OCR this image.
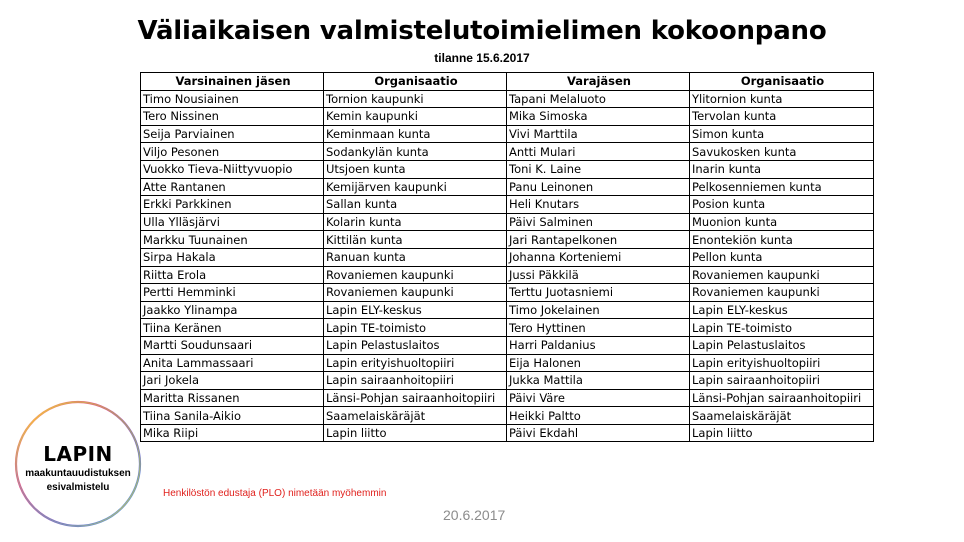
Väliaikaisen valmistelutoimielimen kokoonpano
tilanne 15.6.2017
Varsinainen jäsen	Organisaatio	Varajäsen	Organisaatio
Timo Nousiainen	Tornion kaupunki	Tapani Melaluoto	Ylitornion kunta
Tero Nissinen	Kemin kaupunki	Mika Simoska	Tervolan kunta
Seija Parviainen	Keminmaan kunta	Vivi Marttila	Simon kunta
Viljo Pesonen	Sodankylän kunta	Antti Mulari	Savukosken kunta
Vuokko Tieva-Niittyvuopio	Utsjoen kunta	Toni K. Laine	Inarin kunta
Atte Rantanen	Kemijärven kaupunki	Panu Leinonen	Pelkosenniemen kunta
Erkki Parkkinen	Sallan kunta	Heli Knutars	Posion kunta
Ulla Ylläsjärvi	Kolarin kunta	Päivi Salminen	Muonion kunta
Markku Tuunainen	Kittilän kunta	Jari Rantapelkonen	Enontekiön kunta
Sirpa Hakala	Ranuan kunta	Johanna Korteniemi	Pellon kunta
Riitta Erola	Rovaniemen kaupunki	Jussi Päkkilä	Rovaniemen kaupunki
Pertti Hemminki	Rovaniemen kaupunki	Terttu Juotasniemi	Rovaniemen kaupunki
Jaakko Ylinampa	Lapin ELY-keskus	Timo Jokelainen	Lapin ELY-keskus
Tiina Keränen	Lapin TE-toimisto	Tero Hyttinen	Lapin TE-toimisto
Martti Soudunsaari	Lapin Pelastuslaitos	Harri Paldanius	Lapin Pelastuslaitos
Anita Lammassaari	Lapin erityishuoltopiiri	Eija Halonen	Lapin erityishuoltopiiri
Jari Jokela	Lapin sairaanhoitopiiri	Jukka Mattila	Lapin sairaanhoitopiiri
Maritta Rissanen	Länsi-Pohjan sairaanhoitopiiri	Päivi Väre	Länsi-Pohjan sairaanhoitopiiri
Tiina Sanila-Aikio	Saamelaiskäräjät	Heikki Paltto	Saamelaiskäräjät
Mika Riipi	Lapin liitto	Päivi Ekdahl	Lapin liitto
LAPIN
maakuntauudistuksen
esivalmistelu
Henkilöstön edustaja (PLO) nimetään myöhemmin
20.6.2017
